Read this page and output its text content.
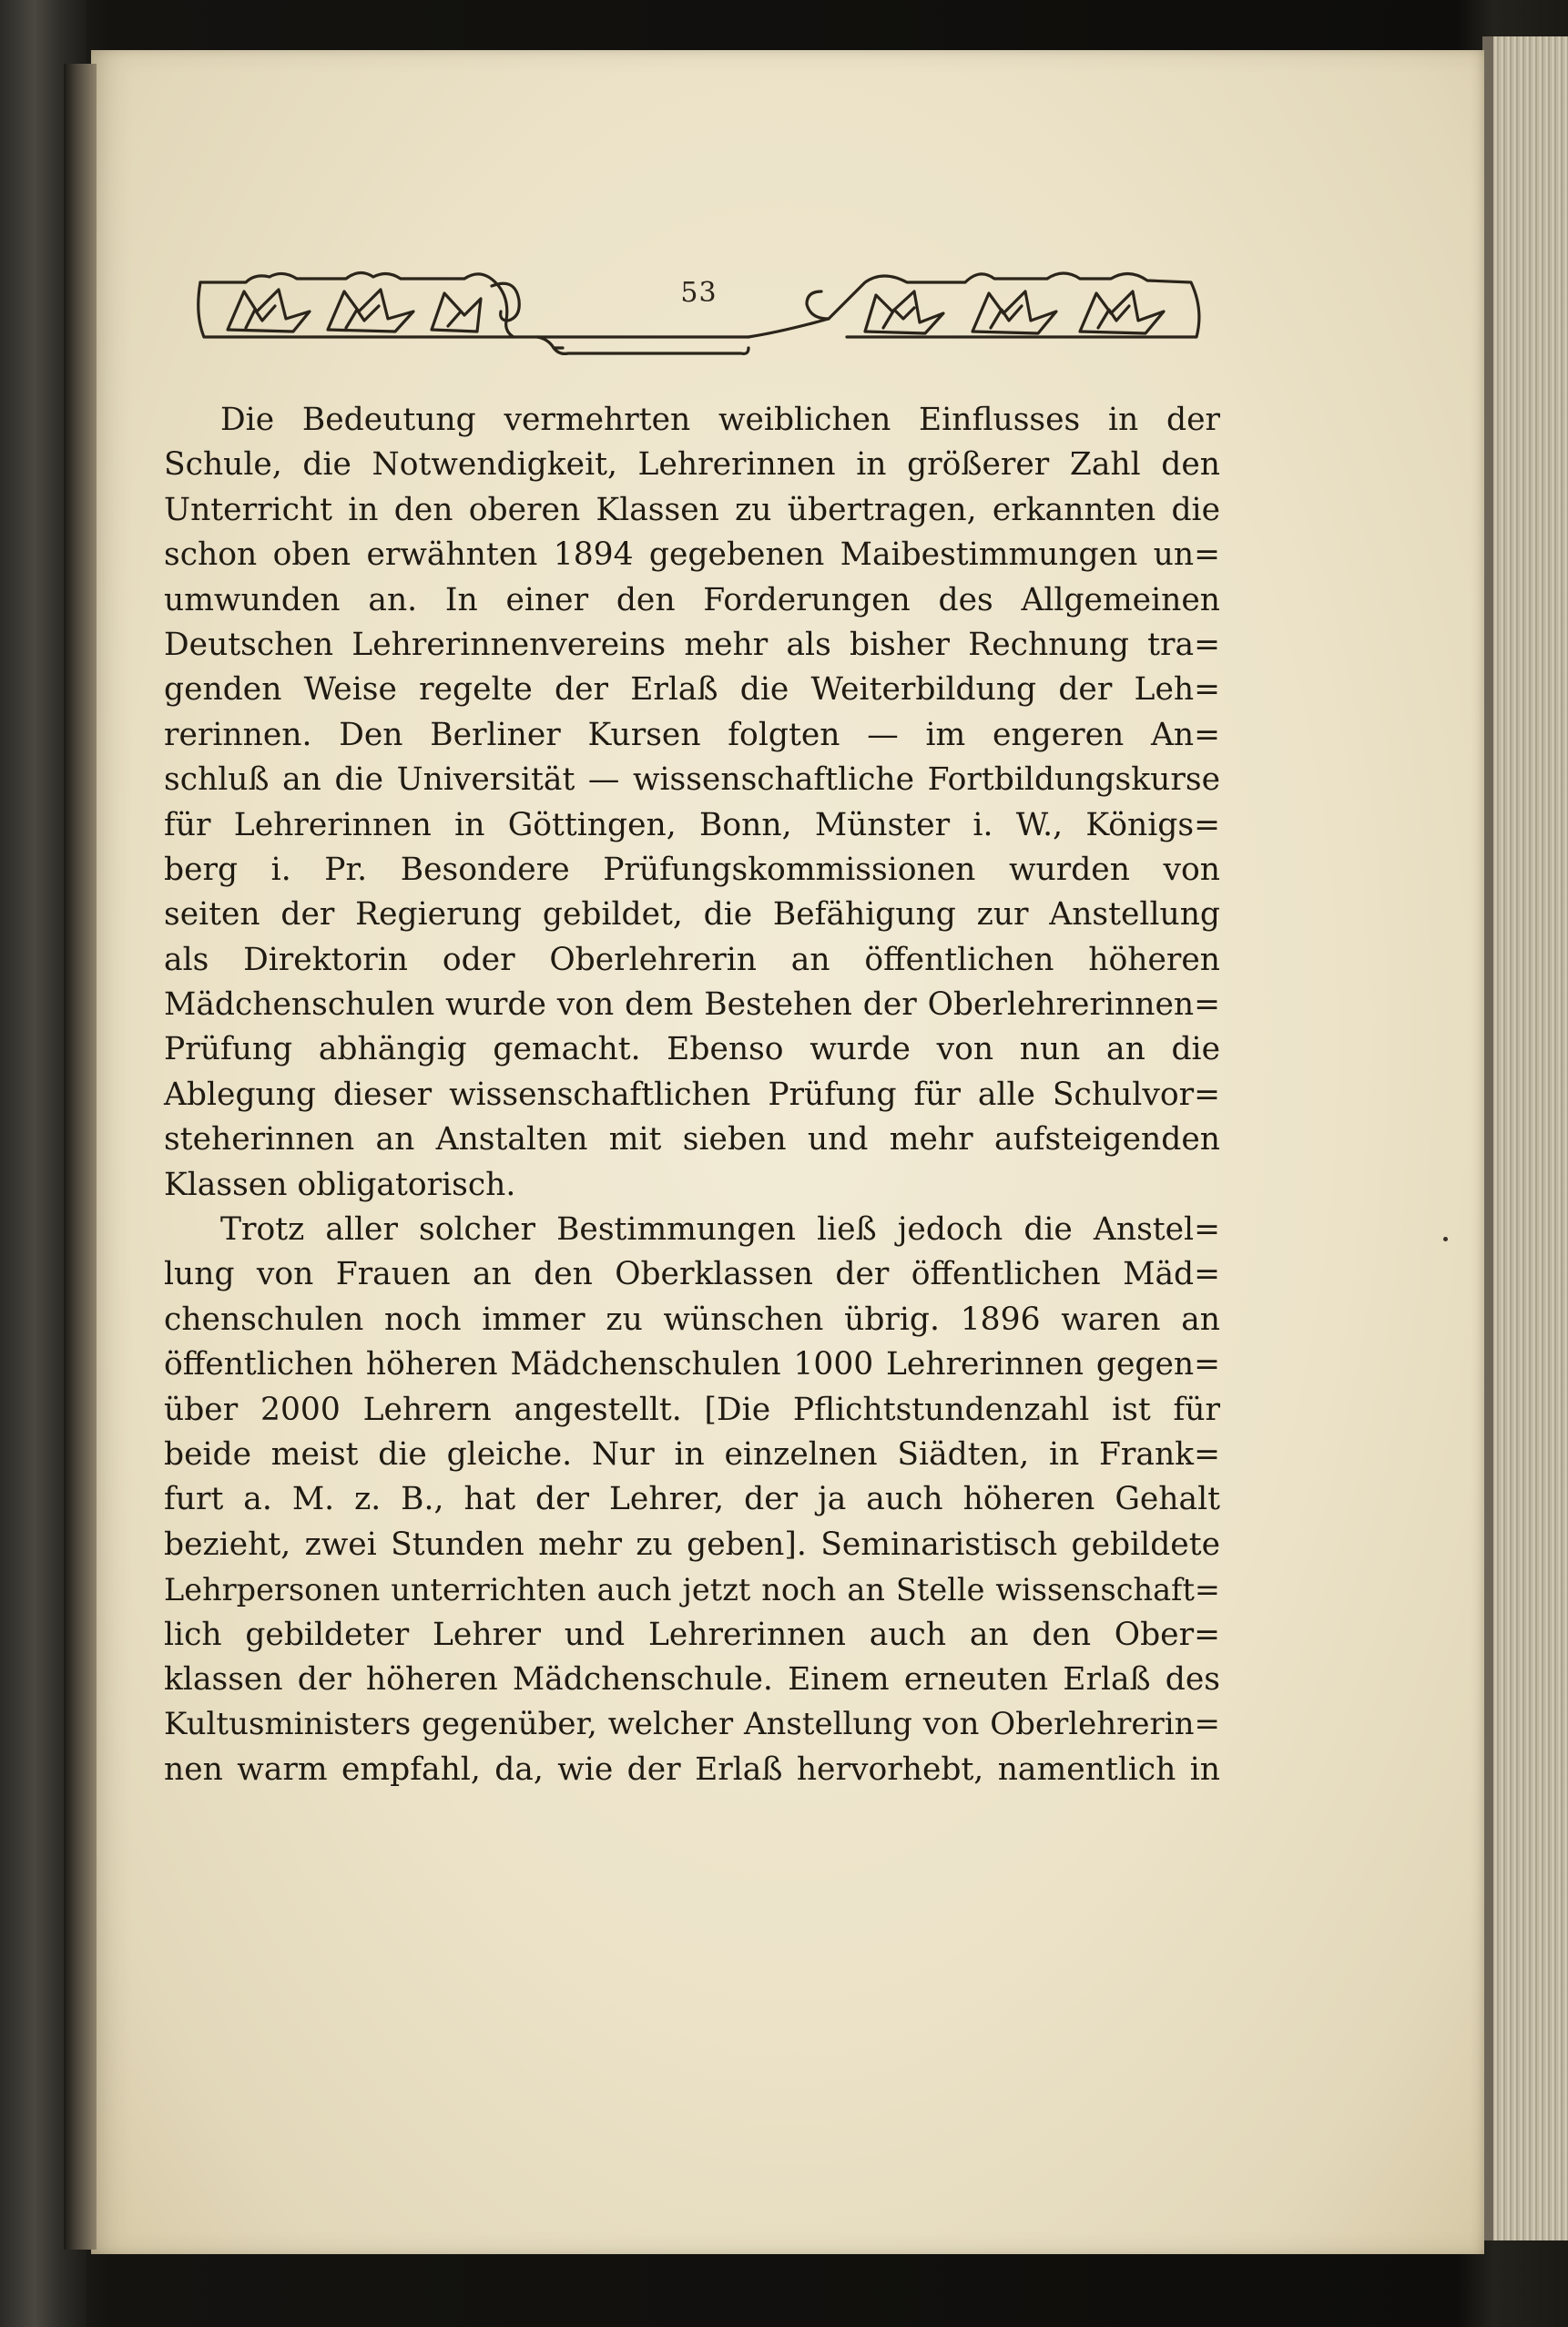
53
Die Bedeutung vermehrten weiblichen Einflusses in der
Schule, die Notwendigkeit, Lehrerinnen in größerer Zahl den
Unterricht in den oberen Klassen zu übertragen, erkannten die
schon oben erwähnten 1894 gegebenen Maibestimmungen un=
umwunden an. In einer den Forderungen des Allgemeinen
Deutschen Lehrerinnenvereins mehr als bisher Rechnung tra=
genden Weise regelte der Erlaß die Weiterbildung der Leh=
rerinnen. Den Berliner Kursen folgten — im engeren An=
schluß an die Universität — wissenschaftliche Fortbildungskurse
für Lehrerinnen in Göttingen, Bonn, Münster i. W., Königs=
berg i. Pr. Besondere Prüfungskommissionen wurden von
seiten der Regierung gebildet, die Befähigung zur Anstellung
als Direktorin oder Oberlehrerin an öffentlichen höheren
Mädchenschulen wurde von dem Bestehen der Oberlehrerinnen=
Prüfung abhängig gemacht. Ebenso wurde von nun an die
Ablegung dieser wissenschaftlichen Prüfung für alle Schulvor=
steherinnen an Anstalten mit sieben und mehr aufsteigenden
Klassen obligatorisch.
Trotz aller solcher Bestimmungen ließ jedoch die Anstel=
lung von Frauen an den Oberklassen der öffentlichen Mäd=
chenschulen noch immer zu wünschen übrig. 1896 waren an
öffentlichen höheren Mädchenschulen 1000 Lehrerinnen gegen=
über 2000 Lehrern angestellt. [Die Pflichtstundenzahl ist für
beide meist die gleiche. Nur in einzelnen Siädten, in Frank=
furt a. M. z. B., hat der Lehrer, der ja auch höheren Gehalt
bezieht, zwei Stunden mehr zu geben]. Seminaristisch gebildete
Lehrpersonen unterrichten auch jetzt noch an Stelle wissenschaft=
lich gebildeter Lehrer und Lehrerinnen auch an den Ober=
klassen der höheren Mädchenschule. Einem erneuten Erlaß des
Kultusministers gegenüber, welcher Anstellung von Oberlehrerin=
nen warm empfahl, da, wie der Erlaß hervorhebt, namentlich in
